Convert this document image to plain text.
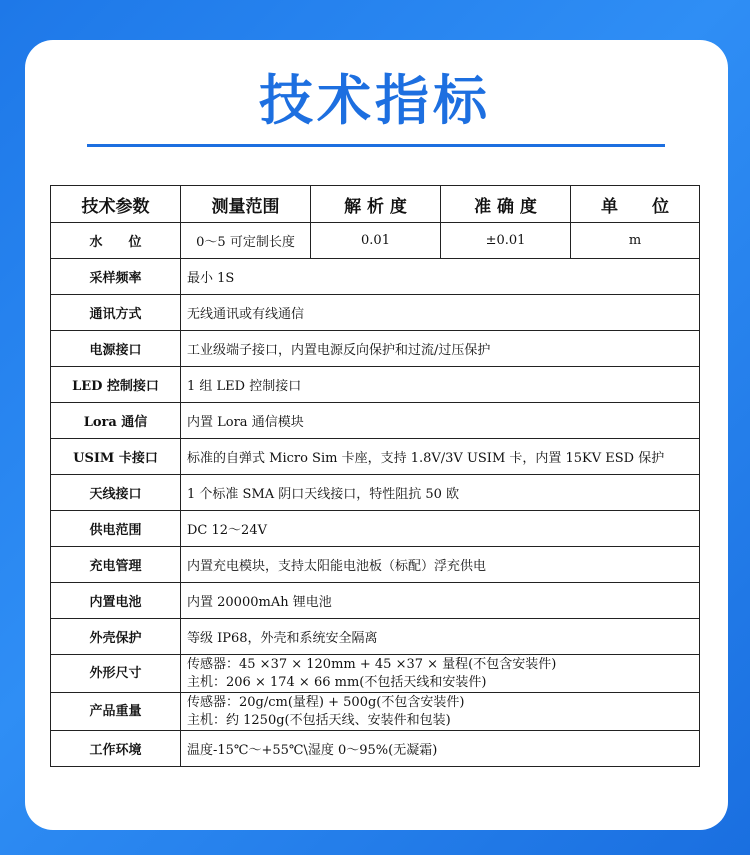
技术指标
技术参数	测量范围	解 析 度	准 确 度	单　　位
水　　位	0～5 可定制长度	0.01	±0.01	m
采样频率	最小 1S			

通讯方式	无线通讯或有线通信			

电源接口	工业级端子接口，内置电源反向保护和过流/过压保护			

LED 控制接口	1 组 LED 控制接口			

Lora 通信	内置 Lora 通信模块			

USIM 卡接口	标准的自弹式 Micro Sim 卡座，支持 1.8V/3V USIM 卡，内置 15KV ESD 保护			

天线接口	1 个标准 SMA 阴口天线接口，特性阻抗 50 欧			

供电范围	DC 12～24V			

充电管理	内置充电模块，支持太阳能电池板（标配）浮充供电			

内置电池	内置 20000mAh 锂电池			

外壳保护	等级 IP68，外壳和系统安全隔离			

外形尺寸	传感器：45 ×37 × 120mm + 45 ×37 × 量程(不包含安装件)
主机：206 × 174 × 66 mm(不包括天线和安装件)			

产品重量	传感器：20g/cm(量程) + 500g(不包含安装件)
主机：约 1250g(不包括天线、安装件和包装)			

工作环境	温度-15℃～+55℃\湿度 0～95%(无凝霜)			
